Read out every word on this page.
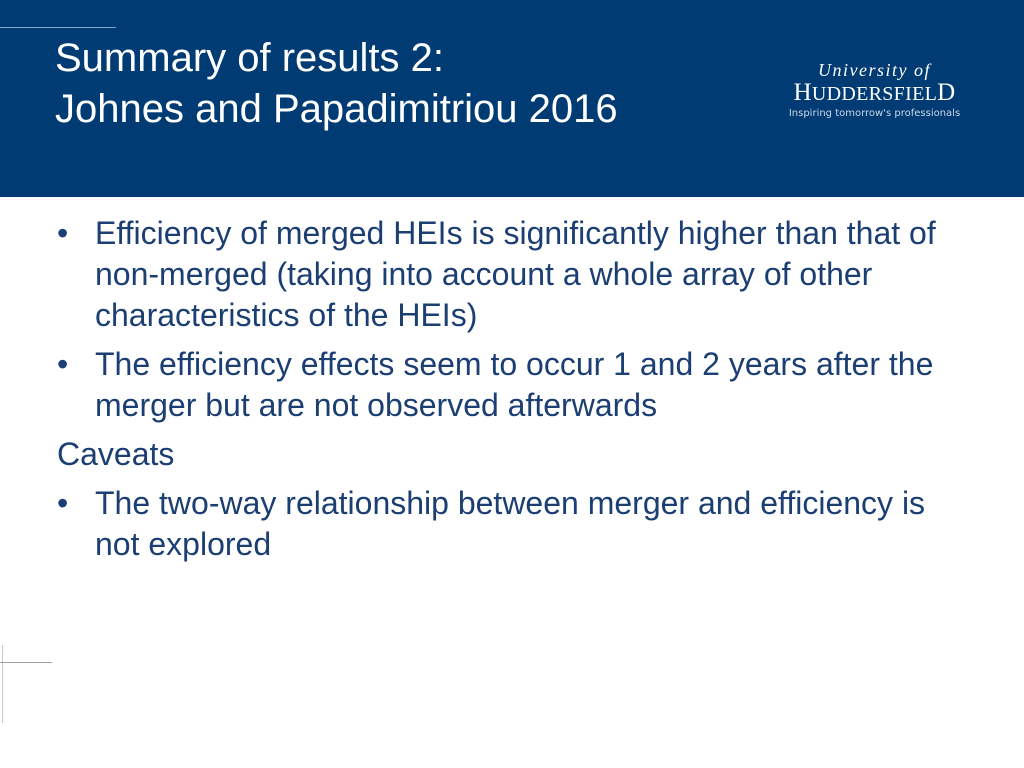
Summary of results 2:
Johnes and Papadimitriou 2016
University of
HUDDERSFIELD
Inspiring tomorrow's professionals
• Efficiency of merged HEIs is significantly higher than that of non-merged (taking into account a whole array of other characteristics of the HEIs)
• The efficiency effects seem to occur 1 and 2 years after the merger but are not observed afterwards
Caveats
• The two-way relationship between merger and efficiency is not explored
